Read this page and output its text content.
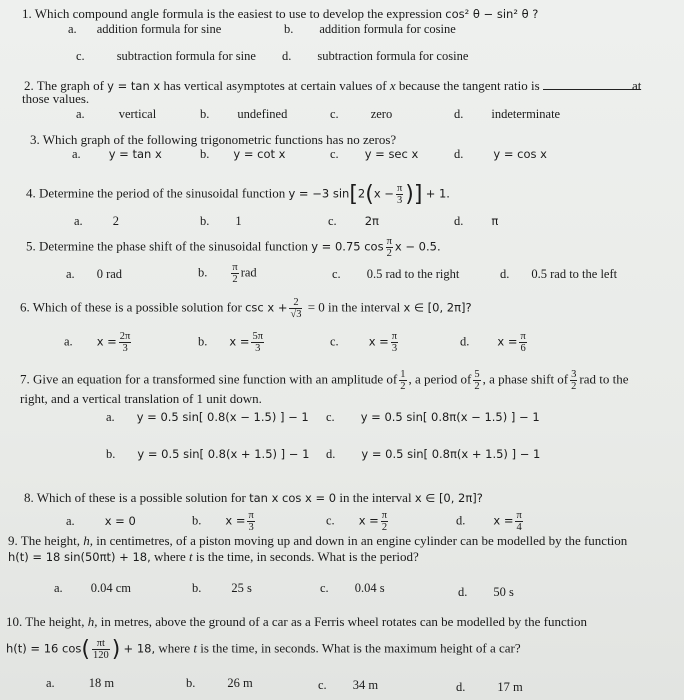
1. Which compound angle formula is the easiest to use to develop the expression cos² θ − sin² θ ?
a. addition formula for sine	b. addition formula for cosine
c.	subtraction formula for sine d. subtraction formula for cosine
2. The graph of y = tan x has vertical asymptotes at certain values of x because the tangent ratio is	at
those values.
a.	vertical	b. undefined	c.	zero	d. indeterminate
3. Which graph of the following trigonometric functions has no zeros?
a. y = tan x	b. y = cot x	c. y = sec x	d.	y = cos x
4. Determine the period of the sinusoidal function y = −3 $\sin[2(x - \frac{\pi}{3}$ )] + 1.
a. 2	b. 1	c. 2π	d. π
5. Determine the phase shift of the sinusoidal function y = 0.75 $\cos \frac{\pi}{2}$ x − 0.5.
a. 0 rad	b. $\frac{\pi}{2}$ rad	c. 0.5 rad to the right	d. 0.5 rad to the left
6. Which of these is a possible solution for $\csc x + \frac{2}{√3} = 0$ in the interval x ∈ [0, 2π]?
a. $x = \frac{2\pi}{3}$	b. $x = \frac{5\pi}{3}$	c.	$x = \frac{\pi}{3}$	d. $x = \frac{\pi}{6}$
7. Give an equation for a transformed sine function with an amplitude of $\frac{1}{2}$ , a period of $\frac{5}{2}$ , a phase shift of $\frac{3}{2}$ rad to the
right, and a vertical translation of 1 unit down.
a. y = 0.5 sin[ 0.8(x − 1.5) ] − 1 c. y = 0.5 sin[ 0.8π(x − 1.5) ] − 1
b. y = 0.5 sin[ 0.8(x + 1.5) ] − 1 d. y = 0.5 sin[ 0.8π(x + 1.5) ] − 1
8. Which of these is a possible solution for tan x cos x = 0 in the interval x ∈ [0, 2π]?
a.	x = 0	b. $x = \frac{\pi}{3}$	c. $x = \frac{\pi}{2}$	d. $x = \frac{\pi}{4}$
9. The height, h, in centimetres, of a piston moving up and down in an engine cylinder can be modelled by the function
h(t) = 18 sin(50πt) + 18, where t is the time, in seconds. What is the period?
a. 0.04 cm	b. 25 s	c. 0.04 s	d. 50 s
10. The height, h, in metres, above the ground of a car as a Ferris wheel rotates can be modelled by the function
h(t) = 16 $\cos( \frac{\pi t}{120}$ ) + 18, where t is the time, in seconds. What is the maximum height of a car?
a.	18 m	b.	26 m	c. 34 m	d.	17 m
